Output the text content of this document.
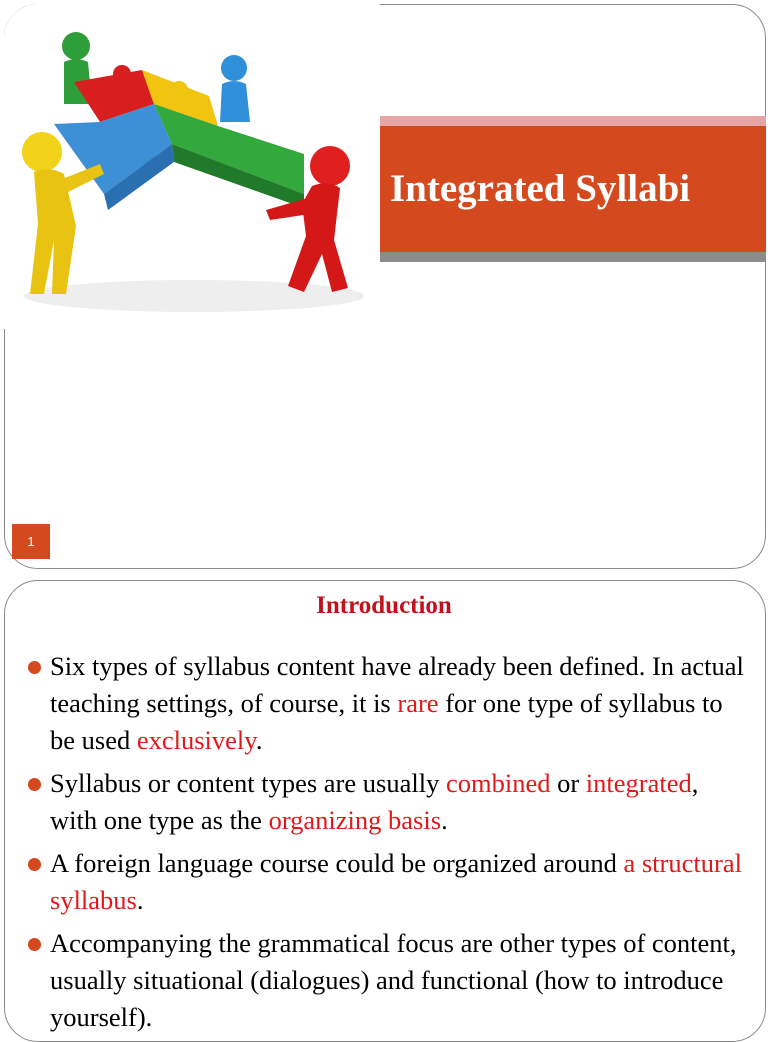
Integrated Syllabi
1
Introduction
Six types of syllabus content have already been defined. In actual teaching settings, of course, it is rare for one type of syllabus to be used exclusively.
Syllabus or content types are usually combined or integrated, with one type as the organizing basis.
A foreign language course could be organized around a structural syllabus.
Accompanying the grammatical focus are other types of content, usually situational (dialogues) and functional (how to introduce yourself).
